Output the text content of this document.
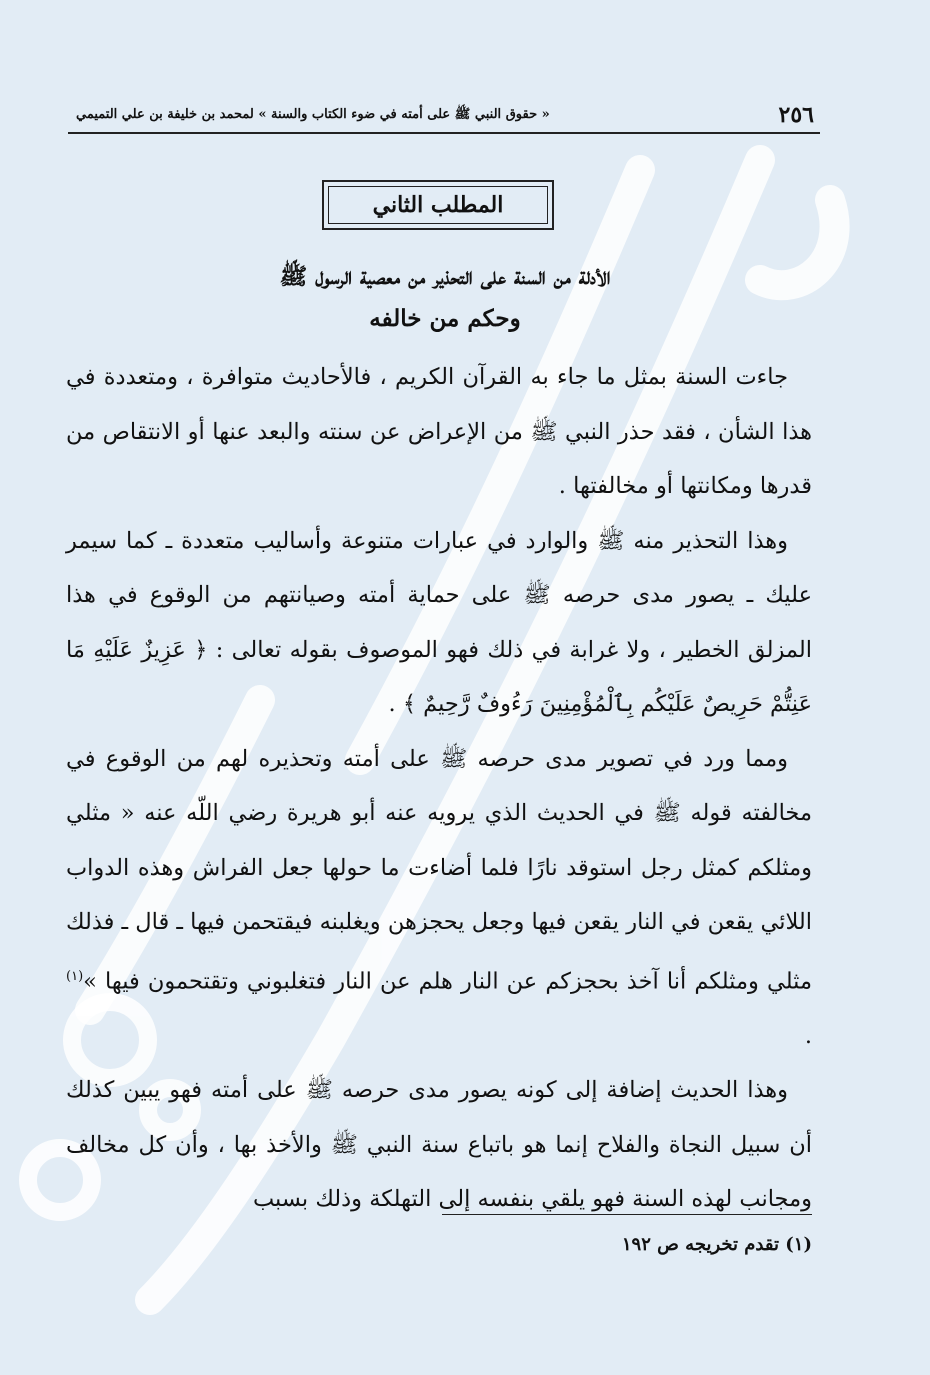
٢٥٦
« حقوق النبي ﷺ على أمته في ضوء الكتاب والسنة » لمحمد بن خليفة بن علي التميمي
المطلب الثاني
الأدلة من السنة على التحذير من معصية الرسول ﷺ
وحكم من خالفه

جاءت السنة بمثل ما جاء به القرآن الكريم ، فالأحاديث متوافرة ، ومتعددة في هذا الشأن ، فقد حذر النبي ﷺ من الإعراض عن سنته والبعد عنها أو الانتقاص من قدرها ومكانتها أو مخالفتها .

وهذا التحذير منه ﷺ والوارد في عبارات متنوعة وأساليب متعددة ـ كما سيمر عليك ـ يصور مدى حرصه ﷺ على حماية أمته وصيانتهم من الوقوع في هذا المزلق الخطير ، ولا غرابة في ذلك فهو الموصوف بقوله تعالى : ﴿ عَزِيزٌ عَلَيْهِ مَا عَنِتُّمْ حَرِيصٌ عَلَيْكُم بِٱلْمُؤْمِنِينَ رَءُوفٌ رَّحِيمٌ ﴾ .

ومما ورد في تصوير مدى حرصه ﷺ على أمته وتحذيره لهم من الوقوع في مخالفته قوله ﷺ في الحديث الذي يرويه عنه أبو هريرة رضي اللّه عنه « مثلي ومثلكم كمثل رجل استوقد نارًا فلما أضاءت ما حولها جعل الفراش وهذه الدواب اللائي يقعن في النار يقعن فيها وجعل يحجزهن ويغلبنه فيقتحمن فيها ـ قال ـ فذلك مثلي ومثلكم أنا آخذ بحجزكم عن النار هلم عن النار فتغلبوني وتقتحمون فيها »$^{(١)}$ .

وهذا الحديث إضافة إلى كونه يصور مدى حرصه ﷺ على أمته فهو يبين كذلك أن سبيل النجاة والفلاح إنما هو باتباع سنة النبي ﷺ والأخذ بها ، وأن كل مخالف ومجانب لهذه السنة فهو يلقي بنفسه إلى التهلكة وذلك بسبب

(١) تقدم تخريجه ص ١٩٢
